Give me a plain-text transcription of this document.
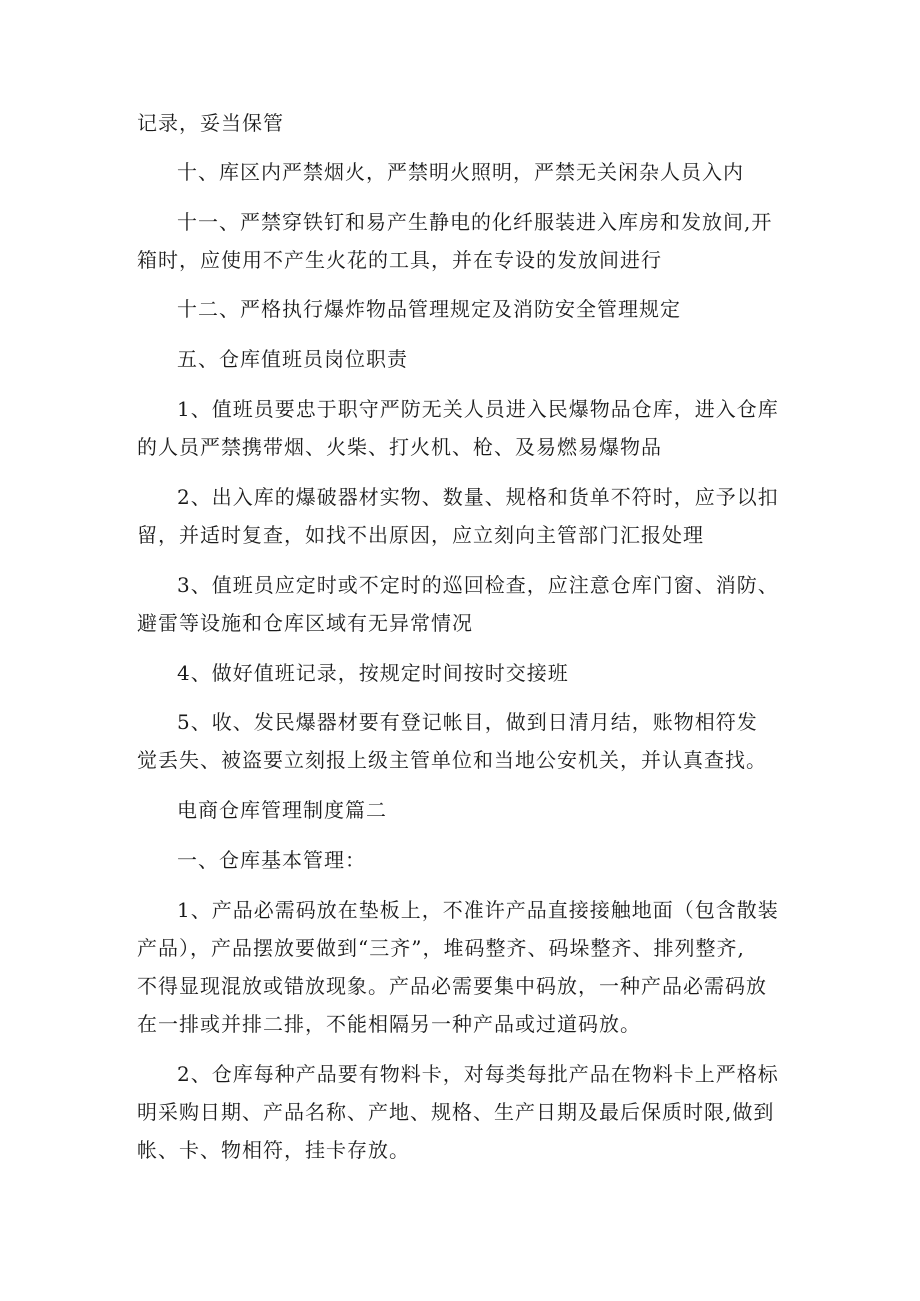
记录，妥当保管
十、库区内严禁烟火，严禁明火照明，严禁无关闲杂人员入内
十一、严禁穿铁钉和易产生静电的化纤服装进入库房和发放间,开
箱时，应使用不产生火花的工具，并在专设的发放间进行
十二、严格执行爆炸物品管理规定及消防安全管理规定
五、仓库值班员岗位职责
1、值班员要忠于职守严防无关人员进入民爆物品仓库，进入仓库
的人员严禁携带烟、火柴、打火机、枪、及易燃易爆物品
2、出入库的爆破器材实物、数量、规格和货单不符时，应予以扣
留，并适时复查，如找不出原因，应立刻向主管部门汇报处理
3、值班员应定时或不定时的巡回检查，应注意仓库门窗、消防、
避雷等设施和仓库区域有无异常情况
4、做好值班记录，按规定时间按时交接班
5、收、发民爆器材要有登记帐目，做到日清月结，账物相符发
觉丢失、被盗要立刻报上级主管单位和当地公安机关，并认真查找。
电商仓库管理制度篇二
一、仓库基本管理：
1、产品必需码放在垫板上，不准许产品直接接触地面（包含散装
产品），产品摆放要做到“三齐”，堆码整齐、码垛整齐、排列整齐,
不得显现混放或错放现象。产品必需要集中码放，一种产品必需码放
在一排或并排二排，不能相隔另一种产品或过道码放。
2、仓库每种产品要有物料卡，对每类每批产品在物料卡上严格标
明采购日期、产品名称、产地、规格、生产日期及最后保质时限,做到
帐、卡、物相符，挂卡存放。
